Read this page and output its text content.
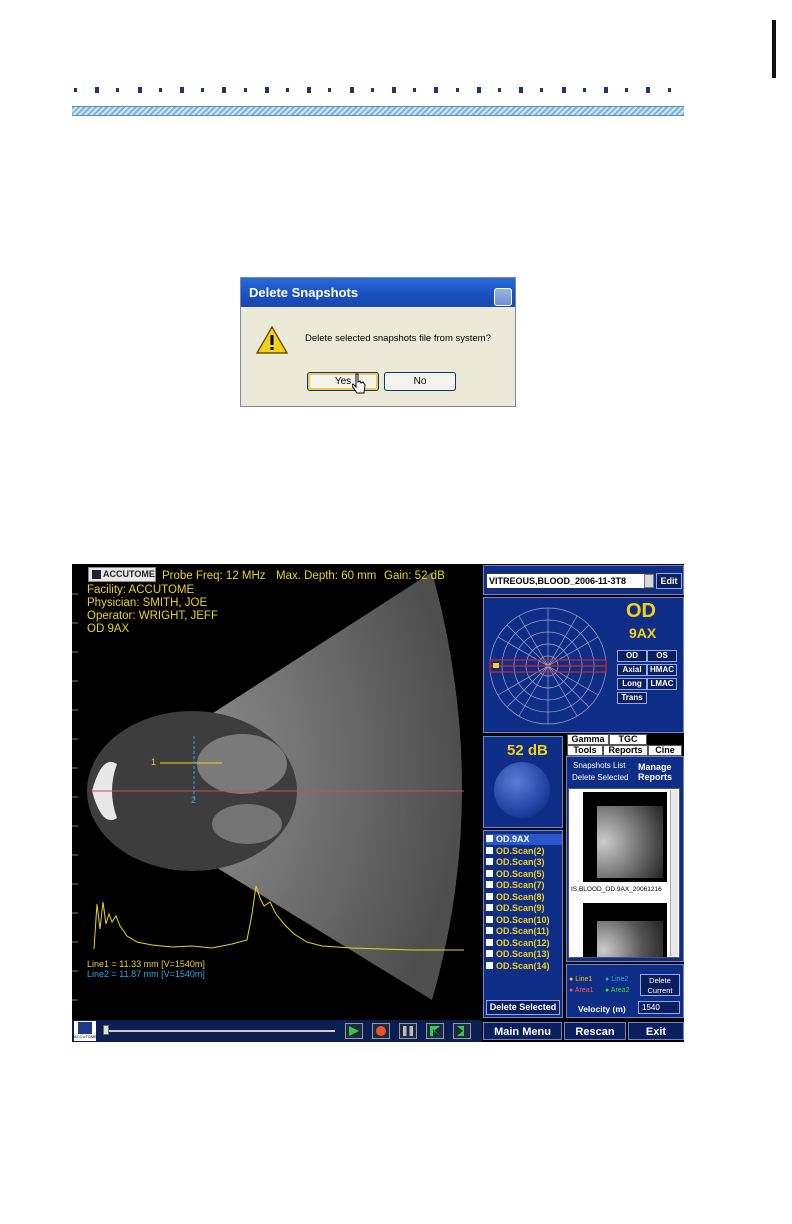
Delete Snapshots
Delete selected snapshots file from system?
Yes	No
ACCUTOME Probe Freq: 12 MHz Max. Depth: 60 mm Gain: 52 dB
Facility: ACCUTOME
Physician: SMITH, JOE
Operator: WRIGHT, JEFF
OD 9AX
1
2
Line1 = 11.33 mm [V=1540m]
Line2 = 11.87 mm [V=1540m]
ACCUTOME
VITREOUS,BLOOD_2006-11-3T8	Edit
OD
9AX
OD	OS
Axial	HMAC
Long	LMAC
Trans
52 dB
Gamma	TGC
Tools	Reports	Cine
Snapshots List
Delete Selected
Manage Reports
IS,BLOOD_OD.9AX_20061216
OD.9AX
OD.Scan(2)
OD.Scan(3)
OD.Scan(5)
OD.Scan(7)
OD.Scan(8)
OD.Scan(9)
OD.Scan(10)
OD.Scan(11)
OD.Scan(12)
OD.Scan(13)
OD.Scan(14)
Delete Selected
● Line1 ● Line2
● Area1 ● Area2
Delete Current
Velocity (m)	1540
Main Menu	Rescan	Exit
